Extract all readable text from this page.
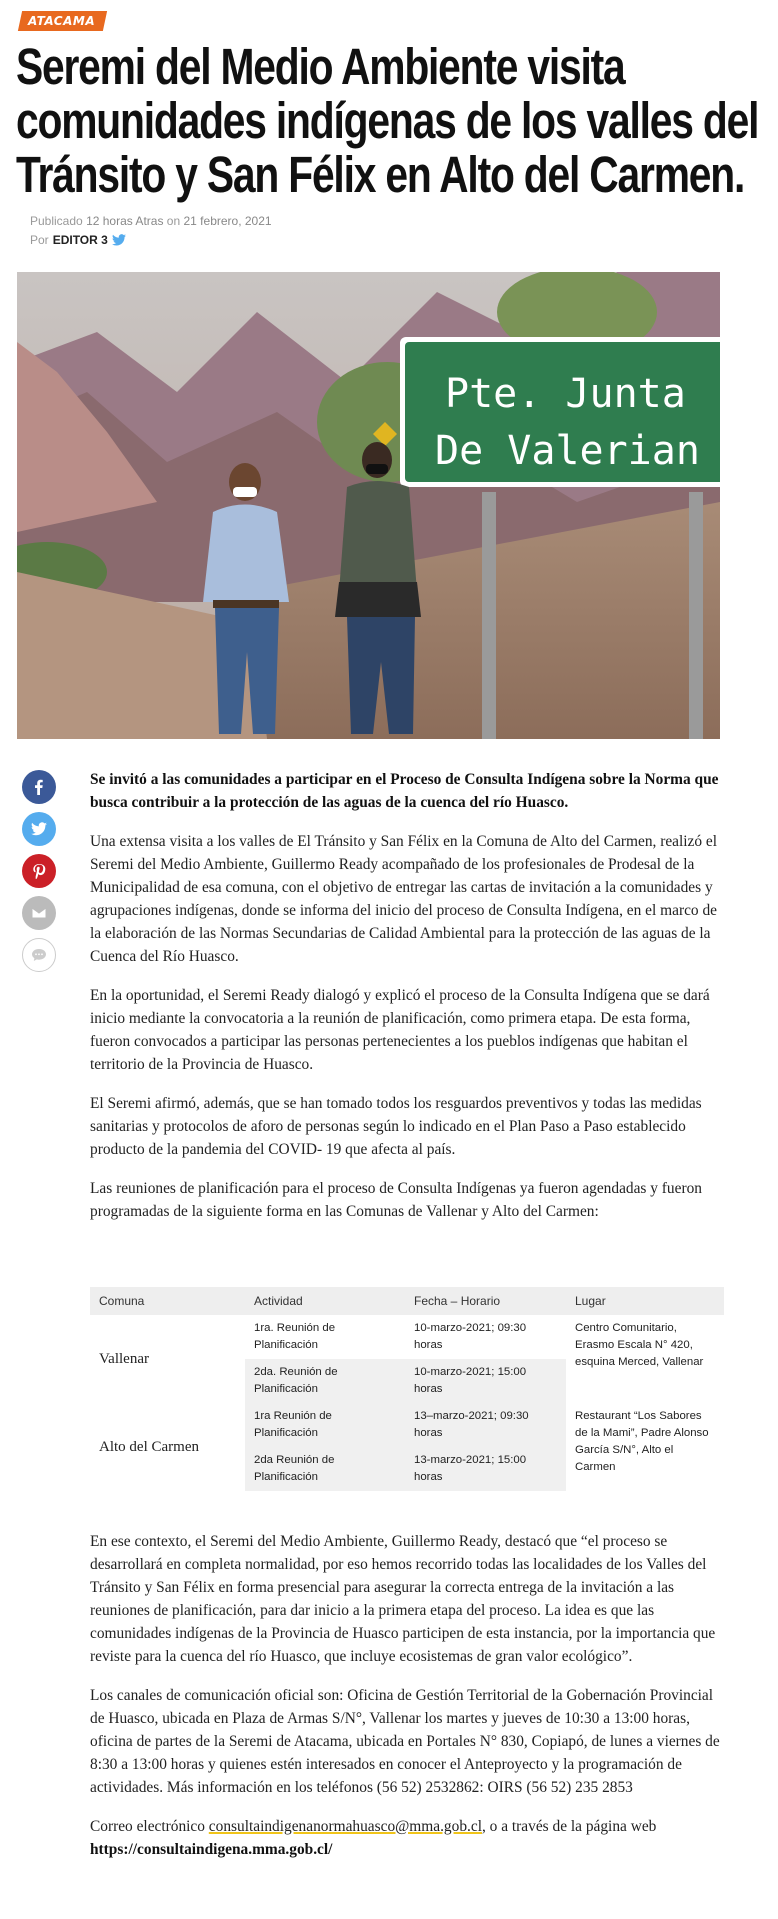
ATACAMA
Seremi del Medio Ambiente visita comunidades indígenas de los valles del Tránsito y San Félix en Alto del Carmen.
Publicado 12 horas Atras on 21 febrero, 2021
Por EDITOR 3
Pte. Junta
De Valerian

Se invitó a las comunidades a participar en el Proceso de Consulta Indígena sobre la Norma que busca contribuir a la protección de las aguas de la cuenca del río Huasco.

Una extensa visita a los valles de El Tránsito y San Félix en la Comuna de Alto del Carmen, realizó el Seremi del Medio Ambiente, Guillermo Ready acompañado de los profesionales de Prodesal de la Municipalidad de esa comuna, con el objetivo de entregar las cartas de invitación a la comunidades y agrupaciones indígenas, donde se informa del inicio del proceso de Consulta Indígena, en el marco de la elaboración de las Normas Secundarias de Calidad Ambiental para la protección de las aguas de la Cuenca del Río Huasco.

En la oportunidad, el Seremi Ready dialogó y explicó el proceso de la Consulta Indígena que se dará inicio mediante la convocatoria a la reunión de planificación, como primera etapa. De esta forma, fueron convocados a participar las personas pertenecientes a los pueblos indígenas que habitan el territorio de la Provincia de Huasco.

El Seremi afirmó, además, que se han tomado todos los resguardos preventivos y todas las medidas sanitarias y protocolos de aforo de personas según lo indicado en el Plan Paso a Paso establecido producto de la pandemia del COVID- 19 que afecta al país.

Las reuniones de planificación para el proceso de Consulta Indígenas ya fueron agendadas y fueron programadas de la siguiente forma en las Comunas de Vallenar y Alto del Carmen:

Comuna	Actividad	Fecha – Horario	Lugar
Vallenar	1ra. Reunión de Planificación	10-marzo-2021; 09:30 horas	Centro Comunitario, Erasmo Escala N° 420, esquina Merced, Vallenar
	2da. Reunión de Planificación	10-marzo-2021; 15:00 horas	
Alto del Carmen	1ra Reunión de Planificación	13–marzo-2021; 09:30 horas	Restaurant “Los Sabores de la Mami”, Padre Alonso García S/N°, Alto el Carmen
	2da Reunión de Planificación	13-marzo-2021; 15:00 horas	

En ese contexto, el Seremi del Medio Ambiente, Guillermo Ready, destacó que “el proceso se desarrollará en completa normalidad, por eso hemos recorrido todas las localidades de los Valles del Tránsito y San Félix en forma presencial para asegurar la correcta entrega de la invitación a las reuniones de planificación, para dar inicio a la primera etapa del proceso. La idea es que las comunidades indígenas de la Provincia de Huasco participen de esta instancia, por la importancia que reviste para la cuenca del río Huasco, que incluye ecosistemas de gran valor ecológico”.

Los canales de comunicación oficial son: Oficina de Gestión Territorial de la Gobernación Provincial de Huasco, ubicada en Plaza de Armas S/N°, Vallenar los martes y jueves de 10:30 a 13:00 horas, oficina de partes de la Seremi de Atacama, ubicada en Portales N° 830, Copiapó, de lunes a viernes de 8:30 a 13:00 horas y quienes estén interesados en conocer el Anteproyecto y la programación de actividades. Más información en los teléfonos (56 52) 2532862: OIRS (56 52) 235 2853

Correo electrónico consultaindigenanormahuasco@mma.gob.cl, o a través de la página web
https://consultaindigena.mma.gob.cl/
